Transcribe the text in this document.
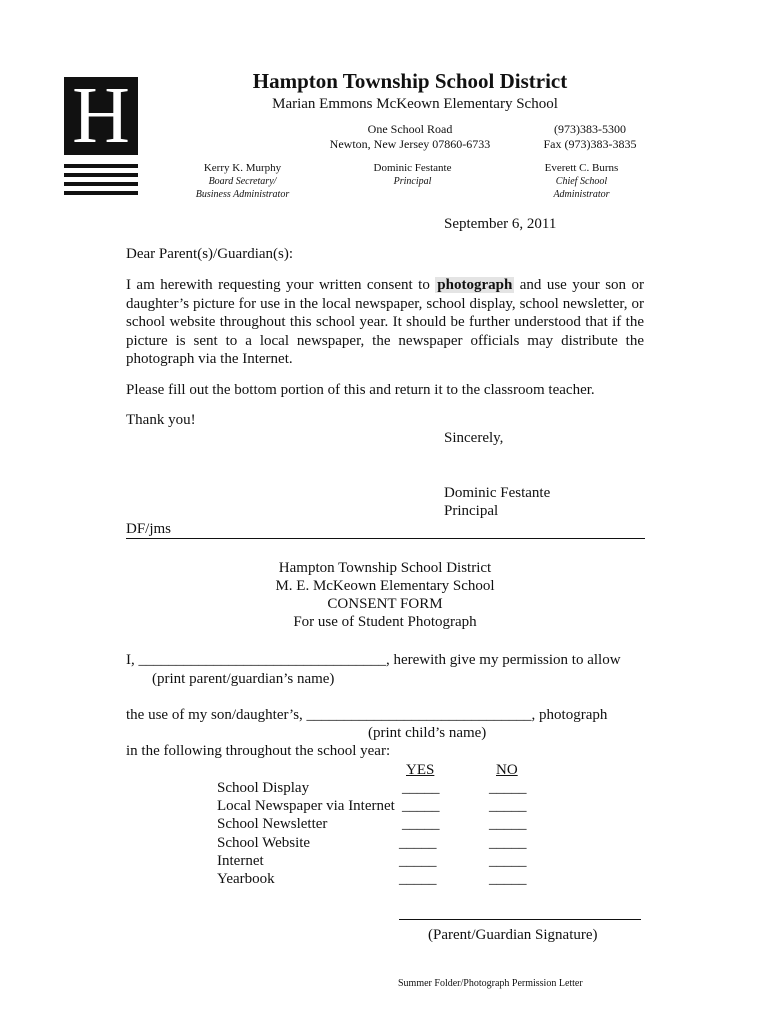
H	Hampton Township School District
Marian Emmons McKeown Elementary School
One School Road
Newton, New Jersey 07860-6733
(973)383-5300
Fax (973)383-3835
Kerry K. Murphy
Board Secretary/
Business Administrator
Dominic Festante
Principal
Everett C. Burns
Chief School
Administrator
September 6, 2011
Dear Parent(s)/Guardian(s):
I am herewith requesting your written consent to photograph and use your son or daughter’s picture for use in the local newspaper, school display, school newsletter, or school website throughout this school year. It should be further understood that if the picture is sent to a local newspaper, the newspaper officials may distribute the photograph via the Internet.
Please fill out the bottom portion of this and return it to the classroom teacher.
Thank you!
Sincerely,
Dominic Festante
Principal
DF/jms
Hampton Township School District
M. E. McKeown Elementary School
CONSENT FORM
For use of Student Photograph
I, _________________________________, herewith give my permission to allow
(print parent/guardian’s name)
the use of my son/daughter’s, ______________________________, photograph
(print child’s name)
in the following throughout the school year:
YES	NO
School Display	_____	_____
Local Newspaper via Internet _____	_____
School Newsletter	_____	_____
School Website	_____	_____
Internet	_____	_____
Yearbook	_____	_____
(Parent/Guardian Signature)
Summer Folder/Photograph Permission Letter
